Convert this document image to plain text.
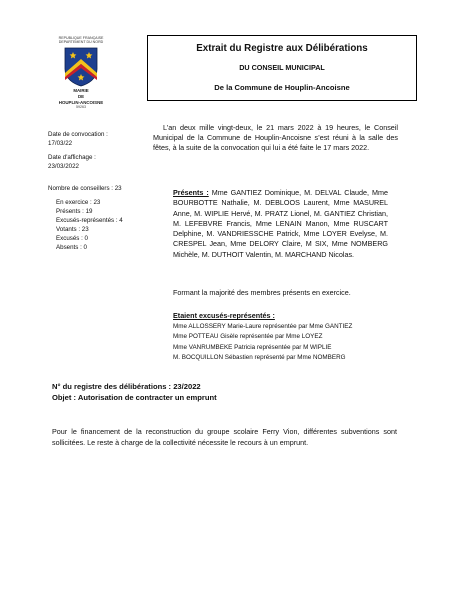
REPUBLIQUE FRANÇAISE
DEPARTEMENT DU NORD
MAIRIE
DE
HOUPLIN-ANCOISNE
59263
Extrait du Registre aux Délibérations
DU CONSEIL MUNICIPAL
De la Commune de Houplin-Ancoisne
Date de convocation :
17/03/22
Date d'affichage :
23/03/2022
Nombre de conseillers : 23
En exercice : 23
Présents : 19
Excusés-représentés : 4
Votants : 23
Excusés : 0
Absents : 0
L’an deux mille vingt-deux, le 21 mars 2022 à 19 heures, le Conseil Municipal de la Commune de Houplin-Ancoisne s’est réuni à la salle des fêtes, à la suite de la convocation qui lui a été faite le 17 mars 2022.
Présents : Mme GANTIEZ Dominique, M. DELVAL Claude, Mme BOURBOTTE Nathalie, M. DEBLOOS Laurent, Mme MASUREL Anne, M. WIPLIE Hervé, M. PRATZ Lionel, M. GANTIEZ Christian, M. LEFEBVRE Francis, Mme LENAIN Manon, Mme RUSCART Delphine, M. VANDRIESSCHE Patrick, Mme LOYER Evelyse, M. CRESPEL Jean, Mme DELORY Claire, M SIX, Mme NOMBERG Michèle, M. DUTHOIT Valentin, M. MARCHAND Nicolas.
Formant la majorité des membres présents en exercice.
Etaient excusés-représentés :
Mme ALLOSSERY Marie-Laure représentée par Mme GANTIEZ
Mme POTTEAU Gisèle représentée par Mme LOYEZ
Mme VANRUMBEKE Patricia représentée par M WIPLIE
M. BOCQUILLON Sébastien représenté par Mme NOMBERG
N° du registre des délibérations : 23/2022
Objet : Autorisation de contracter un emprunt
Pour le financement de la reconstruction du groupe scolaire Ferry Vion, différentes subventions sont sollicitées. Le reste à charge de la collectivité nécessite le recours à un emprunt.
